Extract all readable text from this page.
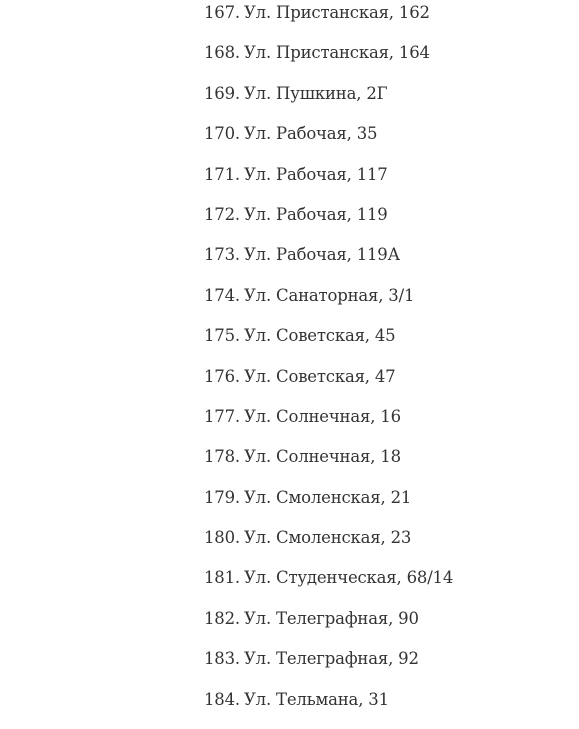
167. Ул. Пристанская, 162
168. Ул. Пристанская, 164
169. Ул. Пушкина, 2Г
170. Ул. Рабочая, 35
171. Ул. Рабочая, 117
172. Ул. Рабочая, 119
173. Ул. Рабочая, 119А
174. Ул. Санаторная, 3/1
175. Ул. Советская, 45
176. Ул. Советская, 47
177. Ул. Солнечная, 16
178. Ул. Солнечная, 18
179. Ул. Смоленская, 21
180. Ул. Смоленская, 23
181. Ул. Студенческая, 68/14
182. Ул. Телеграфная, 90
183. Ул. Телеграфная, 92
184. Ул. Тельмана, 31
